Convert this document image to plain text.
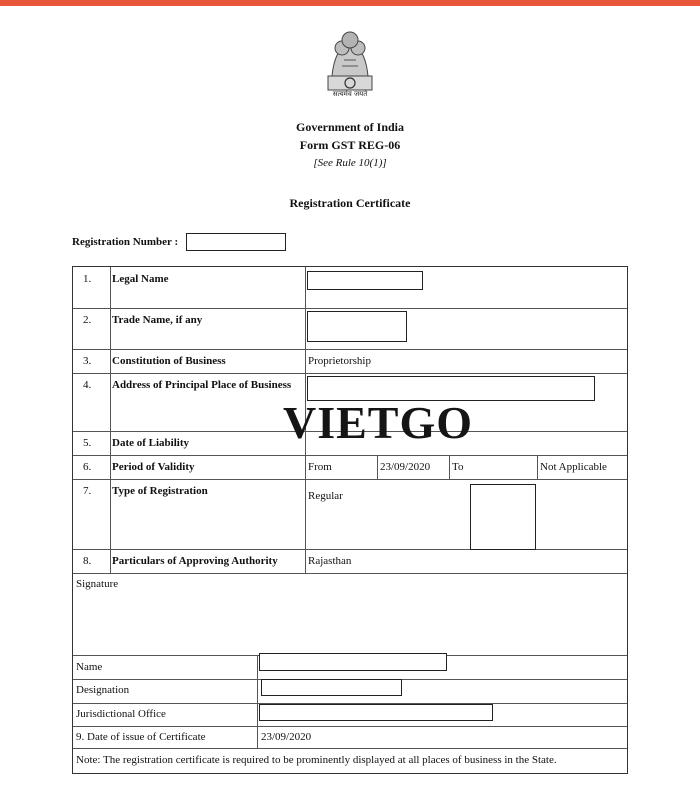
सत्यमेव जयते
Government of India
Form GST REG-06
[See Rule 10(1)]
Registration Certificate
Registration Number :
1. Legal Name
2. Trade Name, if any
3. Constitution of Business	Proprietorship
4. Address of Principal Place of Business
5. Date of Liability
6. Period of Validity	From	23/09/2020 To	Not Applicable
7. Type of Registration	Regular
8. Particulars of Approving Authority	Rajasthan
Signature
Name
Designation
Jurisdictional Office
9. Date of issue of Certificate	23/09/2020
Note: The registration certificate is required to be prominently displayed at all places of business in the State.
VIETGO
